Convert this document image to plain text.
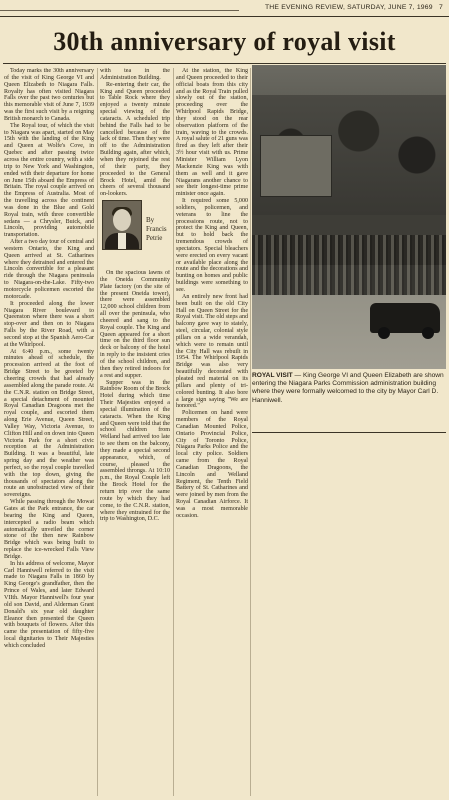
THE EVENING REVIEW, SATURDAY, JUNE 7, 1969 7
30th anniversary of royal visit

Today marks the 30th anniversary of the visit of King George VI and Queen Elizabeth to Niagara Falls. Royalty has often visited Niagara Falls over the past two centuries but this memorable visit of June 7, 1939 was the first such visit by a reigning British monarch to Canada.

The Royal tour, of which the visit to Niagara was apart, started on May 15th with the landing of the King and Queen at Wolfe's Cove, in Quebec and after passing twice across the entire country, with a side trip to New York and Washington, ended with their departure for home on June 15th aboard the Empress of Britain. The royal couple arrived on the Empress of Australia. Most of the travelling across the continent was done in the Blue and Gold Royal train, with three convertible sedans — a Chrysler, Buick, and Lincoln, providing automobile transportation.

After a two day tour of central and western Ontario, the King and Queen arrived at St. Catharines where they detrained and entered the Lincoln convertible for a pleasant ride through the Niagara peninsula to Niagara-on-the-Lake. Fifty-two motorcycle policemen escorted the motorcade.

It proceeded along the lower Niagara River boulevard to Queenston where there was a short stop-over and then on to Niagara Falls by the River Road, with a second stop at the Spanish Aero-Car at the Whirlpool.

At 6:40 p.m., some twenty minutes ahead of schedule, the procession arrived at the foot of Bridge Street to be greeted by cheering crowds that had already assembled along the parade route. At the C.N.R. station on Bridge Street, a special detachment of mounted Royal Canadian Dragoons met the royal couple, and escorted them along Erie Avenue, Queen Street, Valley Way, Victoria Avenue, to Clifton Hill and on down into Queen Victoria Park for a short civic reception at the Administration Building. It was a beautiful, late spring day and the weather was perfect, so the royal couple travelled with the top down, giving the thousands of spectators along the route an unobstructed view of their sovereigns.

While passing through the Mowat Gates at the Park entrance, the car bearing the King and Queen, intercepted a radio beam which automatically unveiled the corner stone of the then new Rainbow Bridge which was being built to replace the ice-wrecked Falls View Bridge.

In his address of welcome, Mayor Carl Hanniwell referred to the visit made to Niagara Falls in 1860 by King George's grandfather, then the Prince of Wales, and later Edward VIIth. Mayor Hanniwell's four year old son David, and Alderman Grant Donald's six year old daughter Eleanor then presented the Queen with bouquets of flowers. After this came the presentation of fifty-five local dignitaries to Their Majesties which concluded

with tea in the Administration Building.

Re-entering their car, the King and Queen proceeded to Table Rock where they enjoyed a twenty minute special viewing of the cataracts. A scheduled trip behind the Falls had to be cancelled because of the lack of time. Then they were off to the Administration Building again, after which, when they rejoined the rest of their party, they proceeded to the General Brock Hotel, amid the cheers of several thousand on-lookers.

By
Francis
Petrie

On the spacious lawns of the Oneida Community Plate factory (on the site of the present Oneida tower), there were assembled 12,000 school children from all over the peninsula, who cheered and sang to the Royal couple. The King and Queen appeared for a short time on the third floor sun deck or balcony of the hotel in reply to the insistent cries of the school children, and then they retired indoors for a rest and supper.

Supper was in the Rainbow Room of the Brock Hotel during which time Their Majesties enjoyed a special illumination of the cataracts. When the King and Queen were told that the school children from Welland had arrived too late to see them on the balcony, they made a special second appearance, which, of course, pleased the assembled throngs. At 10:10 p.m., the Royal Couple left the Brock Hotel for the return trip over the same route by which they had come, to the C.N.R. station, where they entrained for the trip to Washington, D.C.

At the station, the King and Queen proceeded to their official boats from this city and as the Royal Train pulled slowly out of the station, proceeding over the Whirlpool Rapids Bridge, they stood on the rear observation platform of the train, waving to the crowds. A royal salute of 21 guns was fired as they left after their 3½ hour visit with us. Prime Minister William Lyon Mackenzie King was with them as well and it gave Niagarans another chance to see their longest-time prime minister once again.

It required some 5,000 soldiers, policemen, and veterans to line the processions route, not to protect the King and Queen, but to hold back the tremendous crowds of spectators. Special bleachers were erected on every vacant or available place along the route and the decorations and bunting on homes and public buildings were something to see.

An entirely new front had been built on the old City Hall on Queen Street for the Royal visit. The old steps and balcony gave way to stately, steel, circular, colonial style pillars on a wide verandah, which were to remain until the City Hall was rebuilt in 1954. The Whirlpool Rapids Bridge was also very beautifully decorated with pleated red material on its pillars and plenty of tri-colored bunting. It also bore a large sign saying "We are honored."

Policemen on hand were members of the Royal Canadian Mounted Police, Ontario Provincial Police, City of Toronto Police, Niagara Parks Police and the local city police. Soldiers came from the Royal Canadian Dragoons, the Lincoln and Welland Regiment, the Tenth Field Battery of St. Catharines and were joined by men from the Royal Canadian Airforce. It was a most memorable occasion.

ROYAL VISIT — King George VI and Queen Elizabeth are shown entering the Niagara Parks Commission administration building where they were formally welcomed to the city by Mayor Carl D. Hanniwell.
